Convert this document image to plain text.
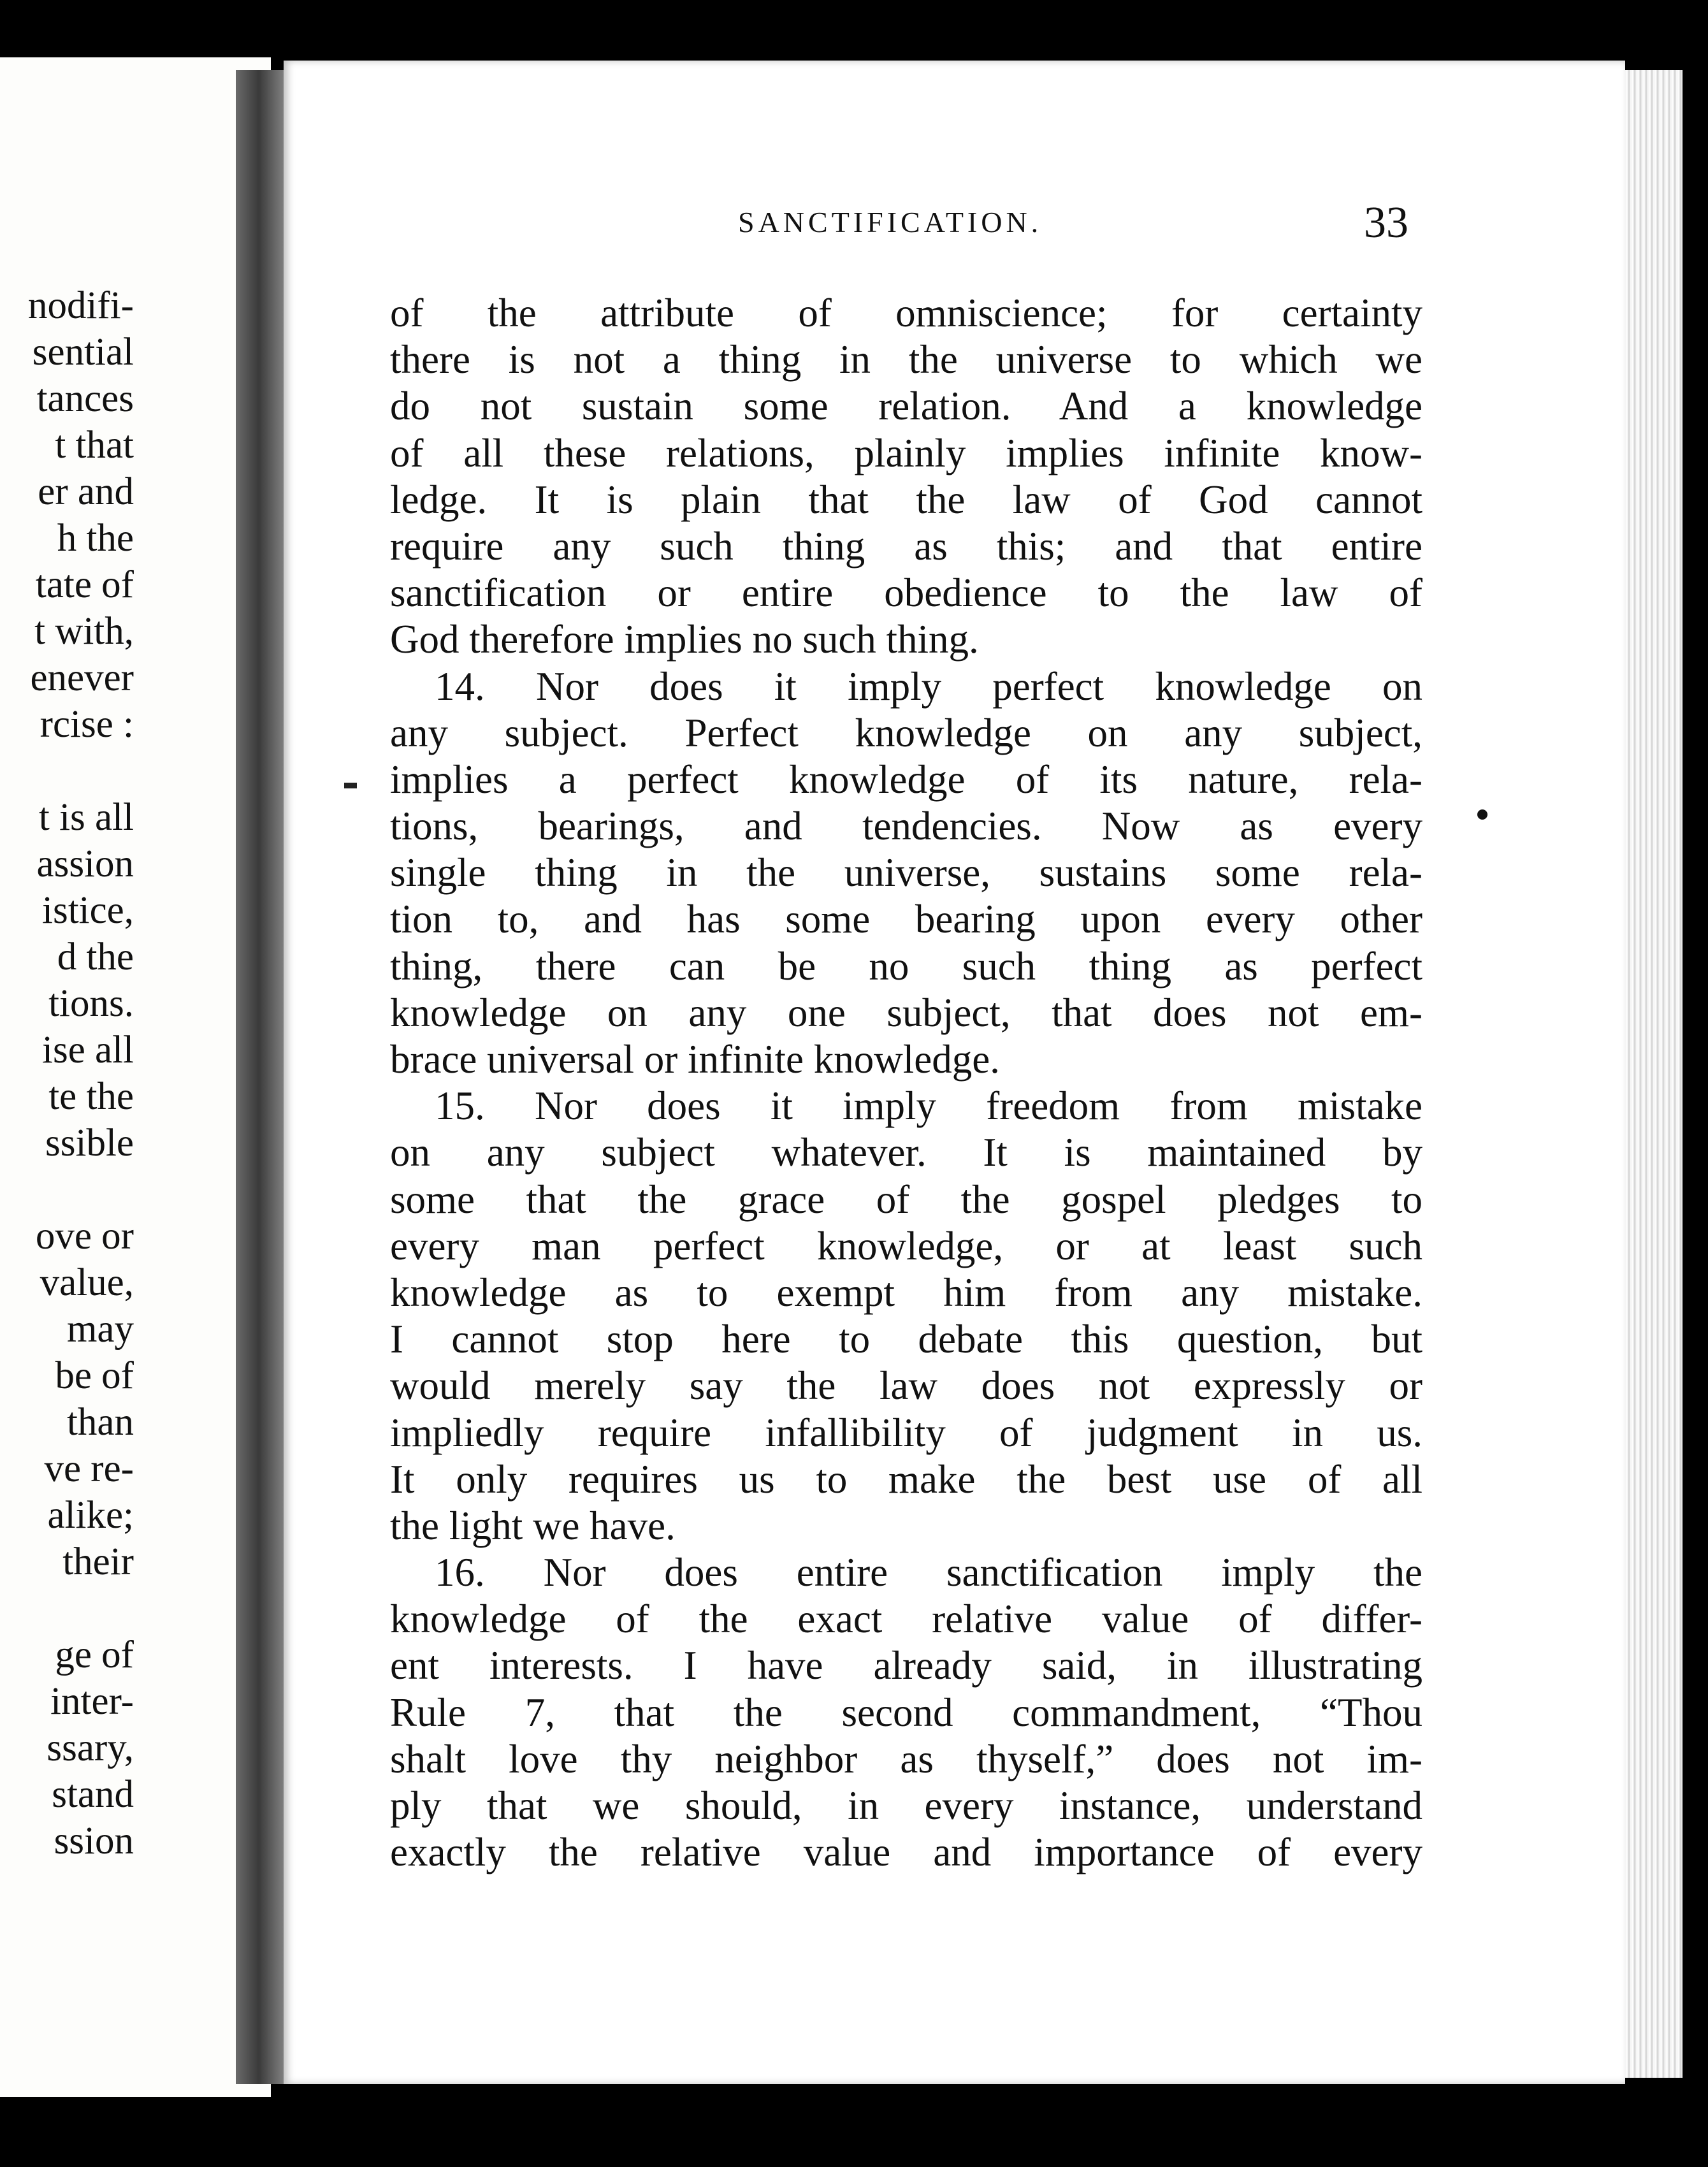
nodifi-
sential
tances
t that
er and
h the
tate of
t with,
enever
rcise :
t is all
assion
istice,
d the
tions.
ise all
te the
ssible
ove or
value,
may
be of
than
ve re-
alike;
their
ge of
inter-
ssary,
stand
ssion
SANCTIFICATION.	33
of the attribute of omniscience; for certainty
there is not a thing in the universe to which we
do not sustain some relation. And a knowledge
of all these relations, plainly implies infinite know-
ledge. It is plain that the law of God cannot
require any such thing as this; and that entire
sanctification or entire obedience to the law of
God therefore implies no such thing.
14. Nor does it imply perfect knowledge on
any subject. Perfect knowledge on any subject,
implies a perfect knowledge of its nature, rela-
tions, bearings, and tendencies. Now as every
single thing in the universe, sustains some rela-
tion to, and has some bearing upon every other
thing, there can be no such thing as perfect
knowledge on any one subject, that does not em-
brace universal or infinite knowledge.
15. Nor does it imply freedom from mistake
on any subject whatever. It is maintained by
some that the grace of the gospel pledges to
every man perfect knowledge, or at least such
knowledge as to exempt him from any mistake.
I cannot stop here to debate this question, but
would merely say the law does not expressly or
impliedly require infallibility of judgment in us.
It only requires us to make the best use of all
the light we have.
16. Nor does entire sanctification imply the
knowledge of the exact relative value of differ-
ent interests. I have already said, in illustrating
Rule 7, that the second commandment, “Thou
shalt love thy neighbor as thyself,” does not im-
ply that we should, in every instance, understand
exactly the relative value and importance of every
